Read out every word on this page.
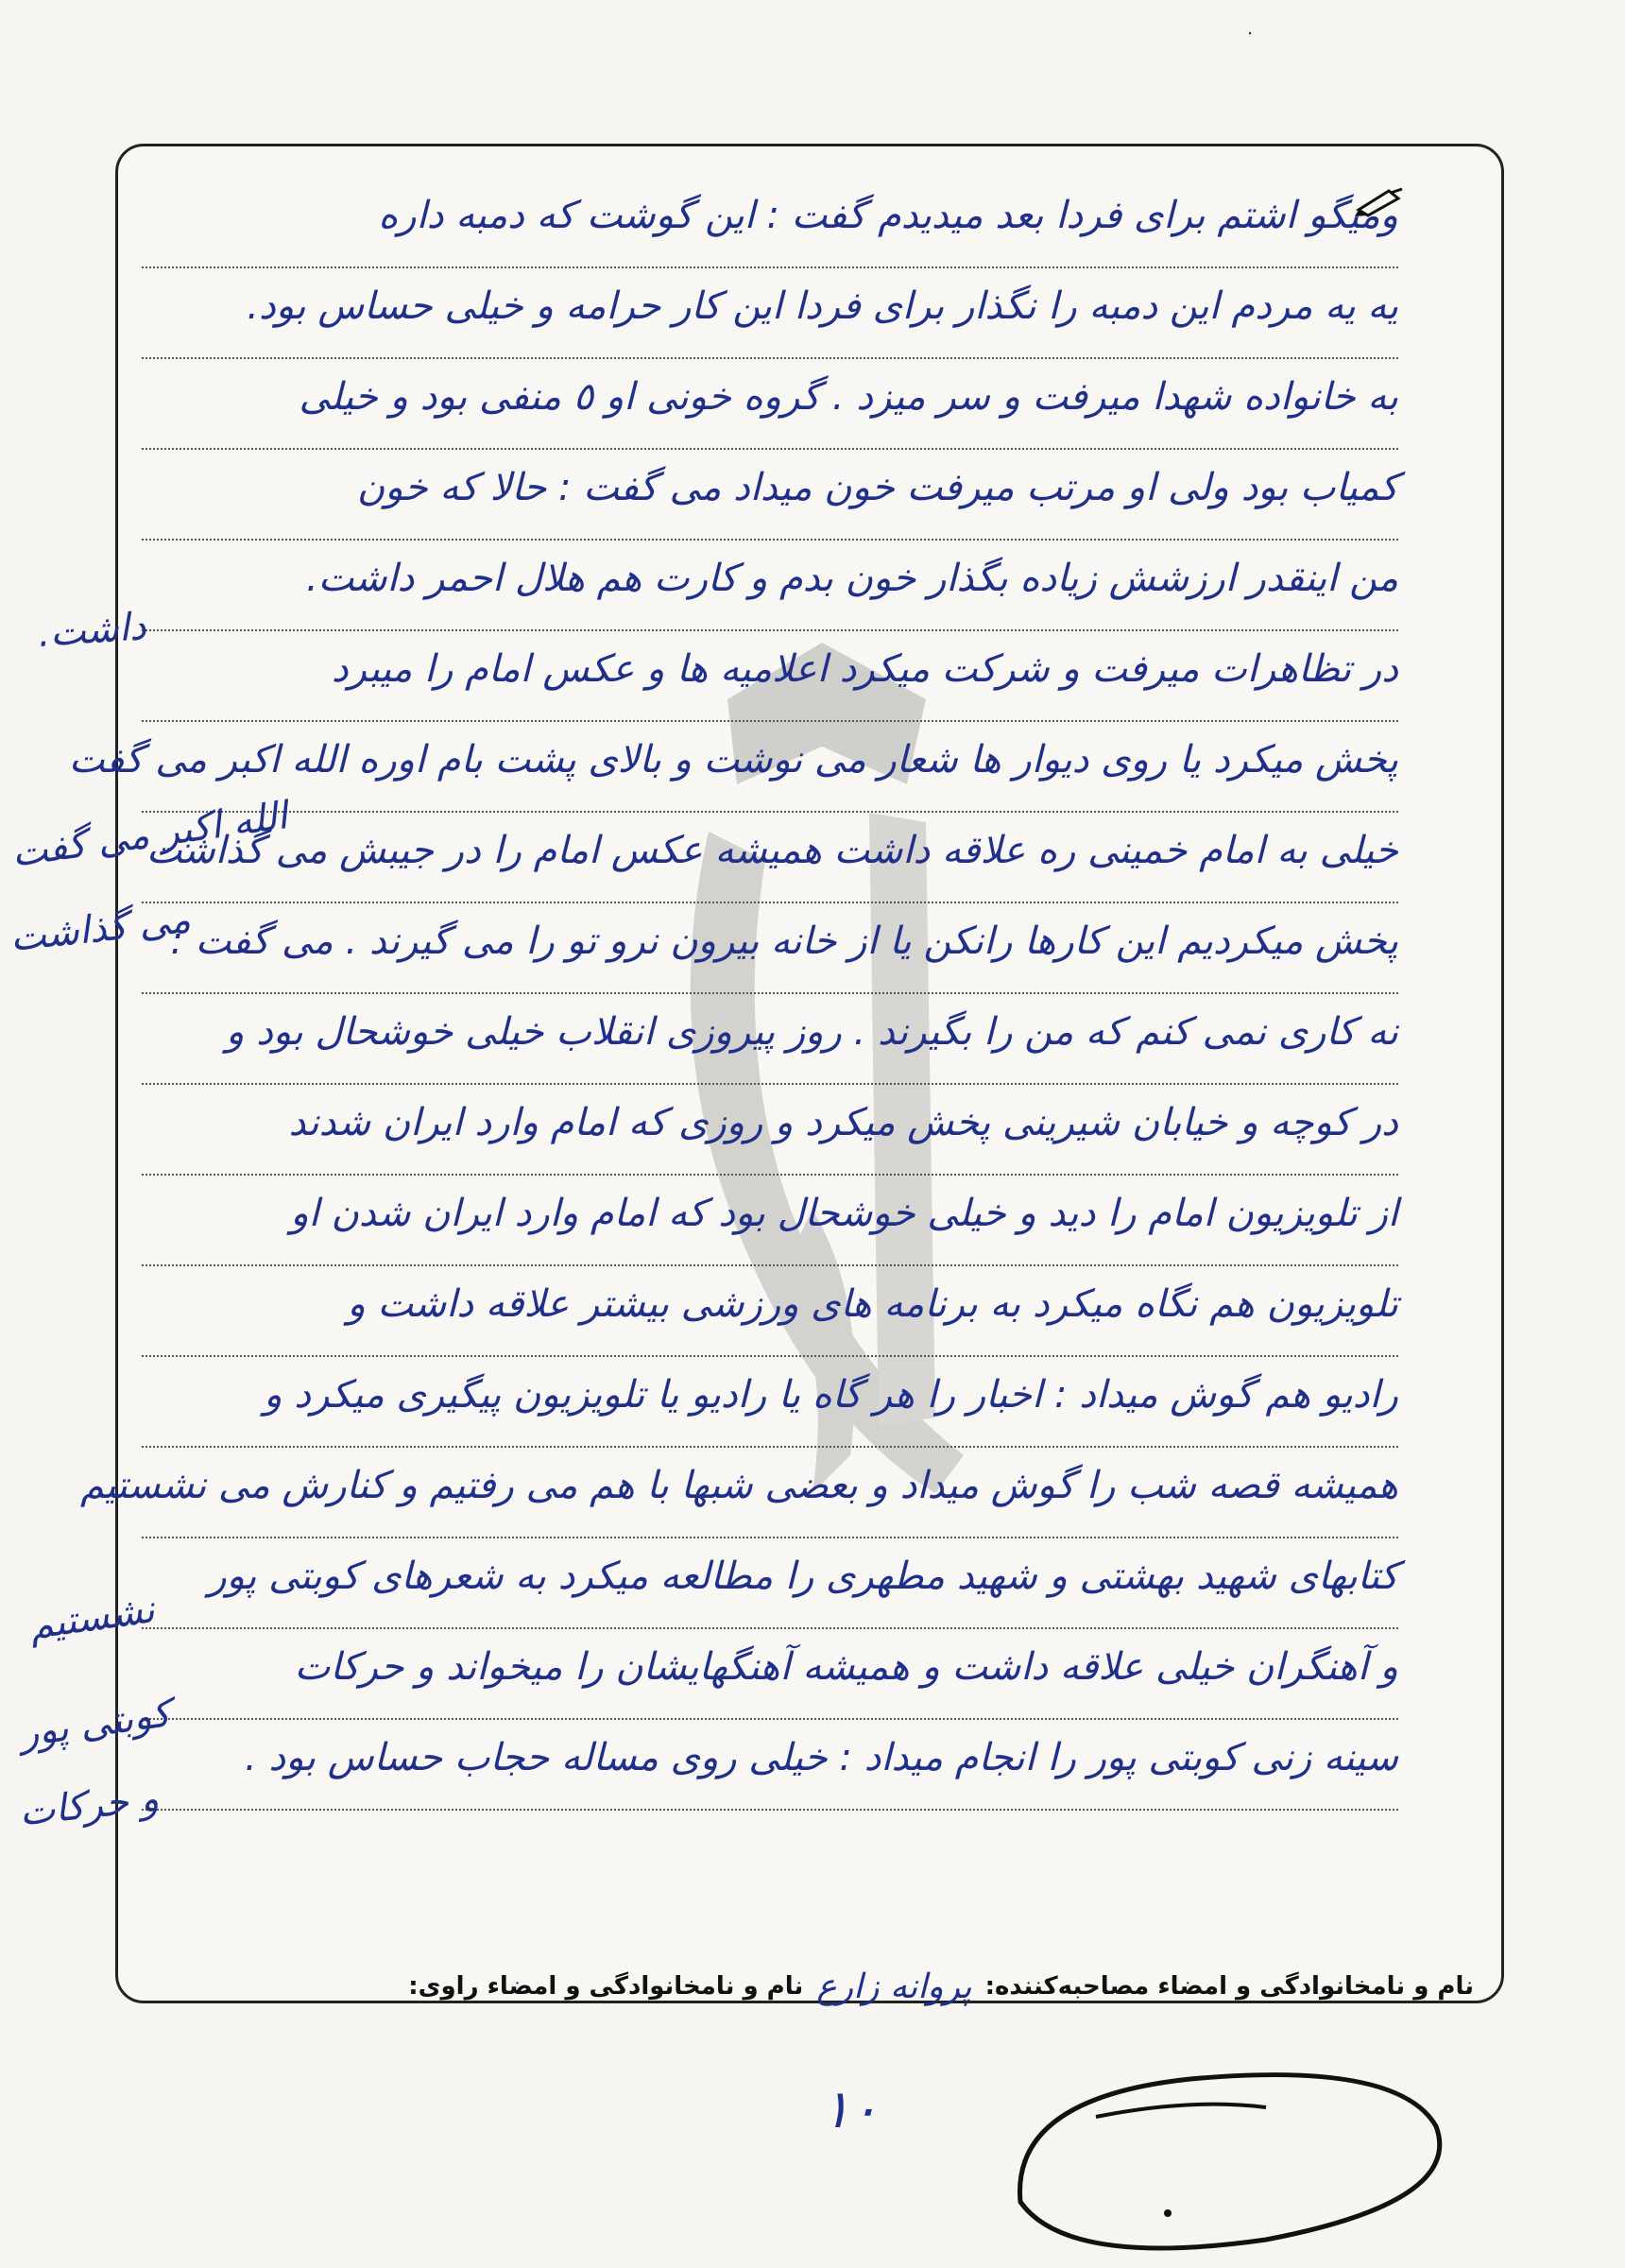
⋅
ومیگو اشتم برای فردا بعد میدیدم گفت : این گوشت که دمبه داره
یه یه مردم این دمبه را نگذار برای فردا این کار حرامه و خیلی حساس بود.
به خانواده شهدا میرفت و سر میزد . گروه خونی او ٥ منفی بود و خیلی
کمیاب بود ولی او مرتب میرفت خون میداد می گفت : حالا که خون
من اینقدر ارزشش زیاده بگذار خون بدم و کارت هم هلال احمر داشت.
در تظاهرات میرفت و شرکت میکرد اعلامیه ها و عکس امام را میبرد
پخش میکرد یا روی دیوار ها شعار می نوشت و بالای پشت بام اوره الله اکبر می گفت
خیلی به امام خمینی ره علاقه داشت همیشه عکس امام را در جیبش می گذاشت
پخش میکردیم این کارها رانکن یا از خانه بیرون نرو تو را می گیرند . می گفت :
نه کاری نمی کنم که من را بگیرند . روز پیروزی انقلاب خیلی خوشحال بود و
در کوچه و خیابان شیرینی پخش میکرد و روزی که امام وارد ایران شدند
از تلویزیون امام را دید و خیلی خوشحال بود که امام وارد ایران شدن او
تلویزیون هم نگاه میکرد به برنامه های ورزشی بیشتر علاقه داشت و
رادیو هم گوش میداد : اخبار را هر گاه یا رادیو یا تلویزیون پیگیری میکرد و
همیشه قصه شب را گوش میداد و بعضی شبها با هم می رفتیم و کنارش می نشستیم
کتابهای شهید بهشتی و شهید مطهری را مطالعه میکرد به شعرهای کوبتی پور
و آهنگران خیلی علاقه داشت و همیشه آهنگهایشان را میخواند و حرکات
سینه زنی کوبتی پور را انجام میداد : خیلی روی مساله حجاب حساس بود .
داشت.
الله اکبر می گفت
می گذاشت
نشستیم
کوبتی پور
و حرکات
نام و نامخانوادگی و امضاء مصاحبه‌کننده:
پروانه زارع
نام و نامخانوادگی و امضاء راوی:
۱۰
